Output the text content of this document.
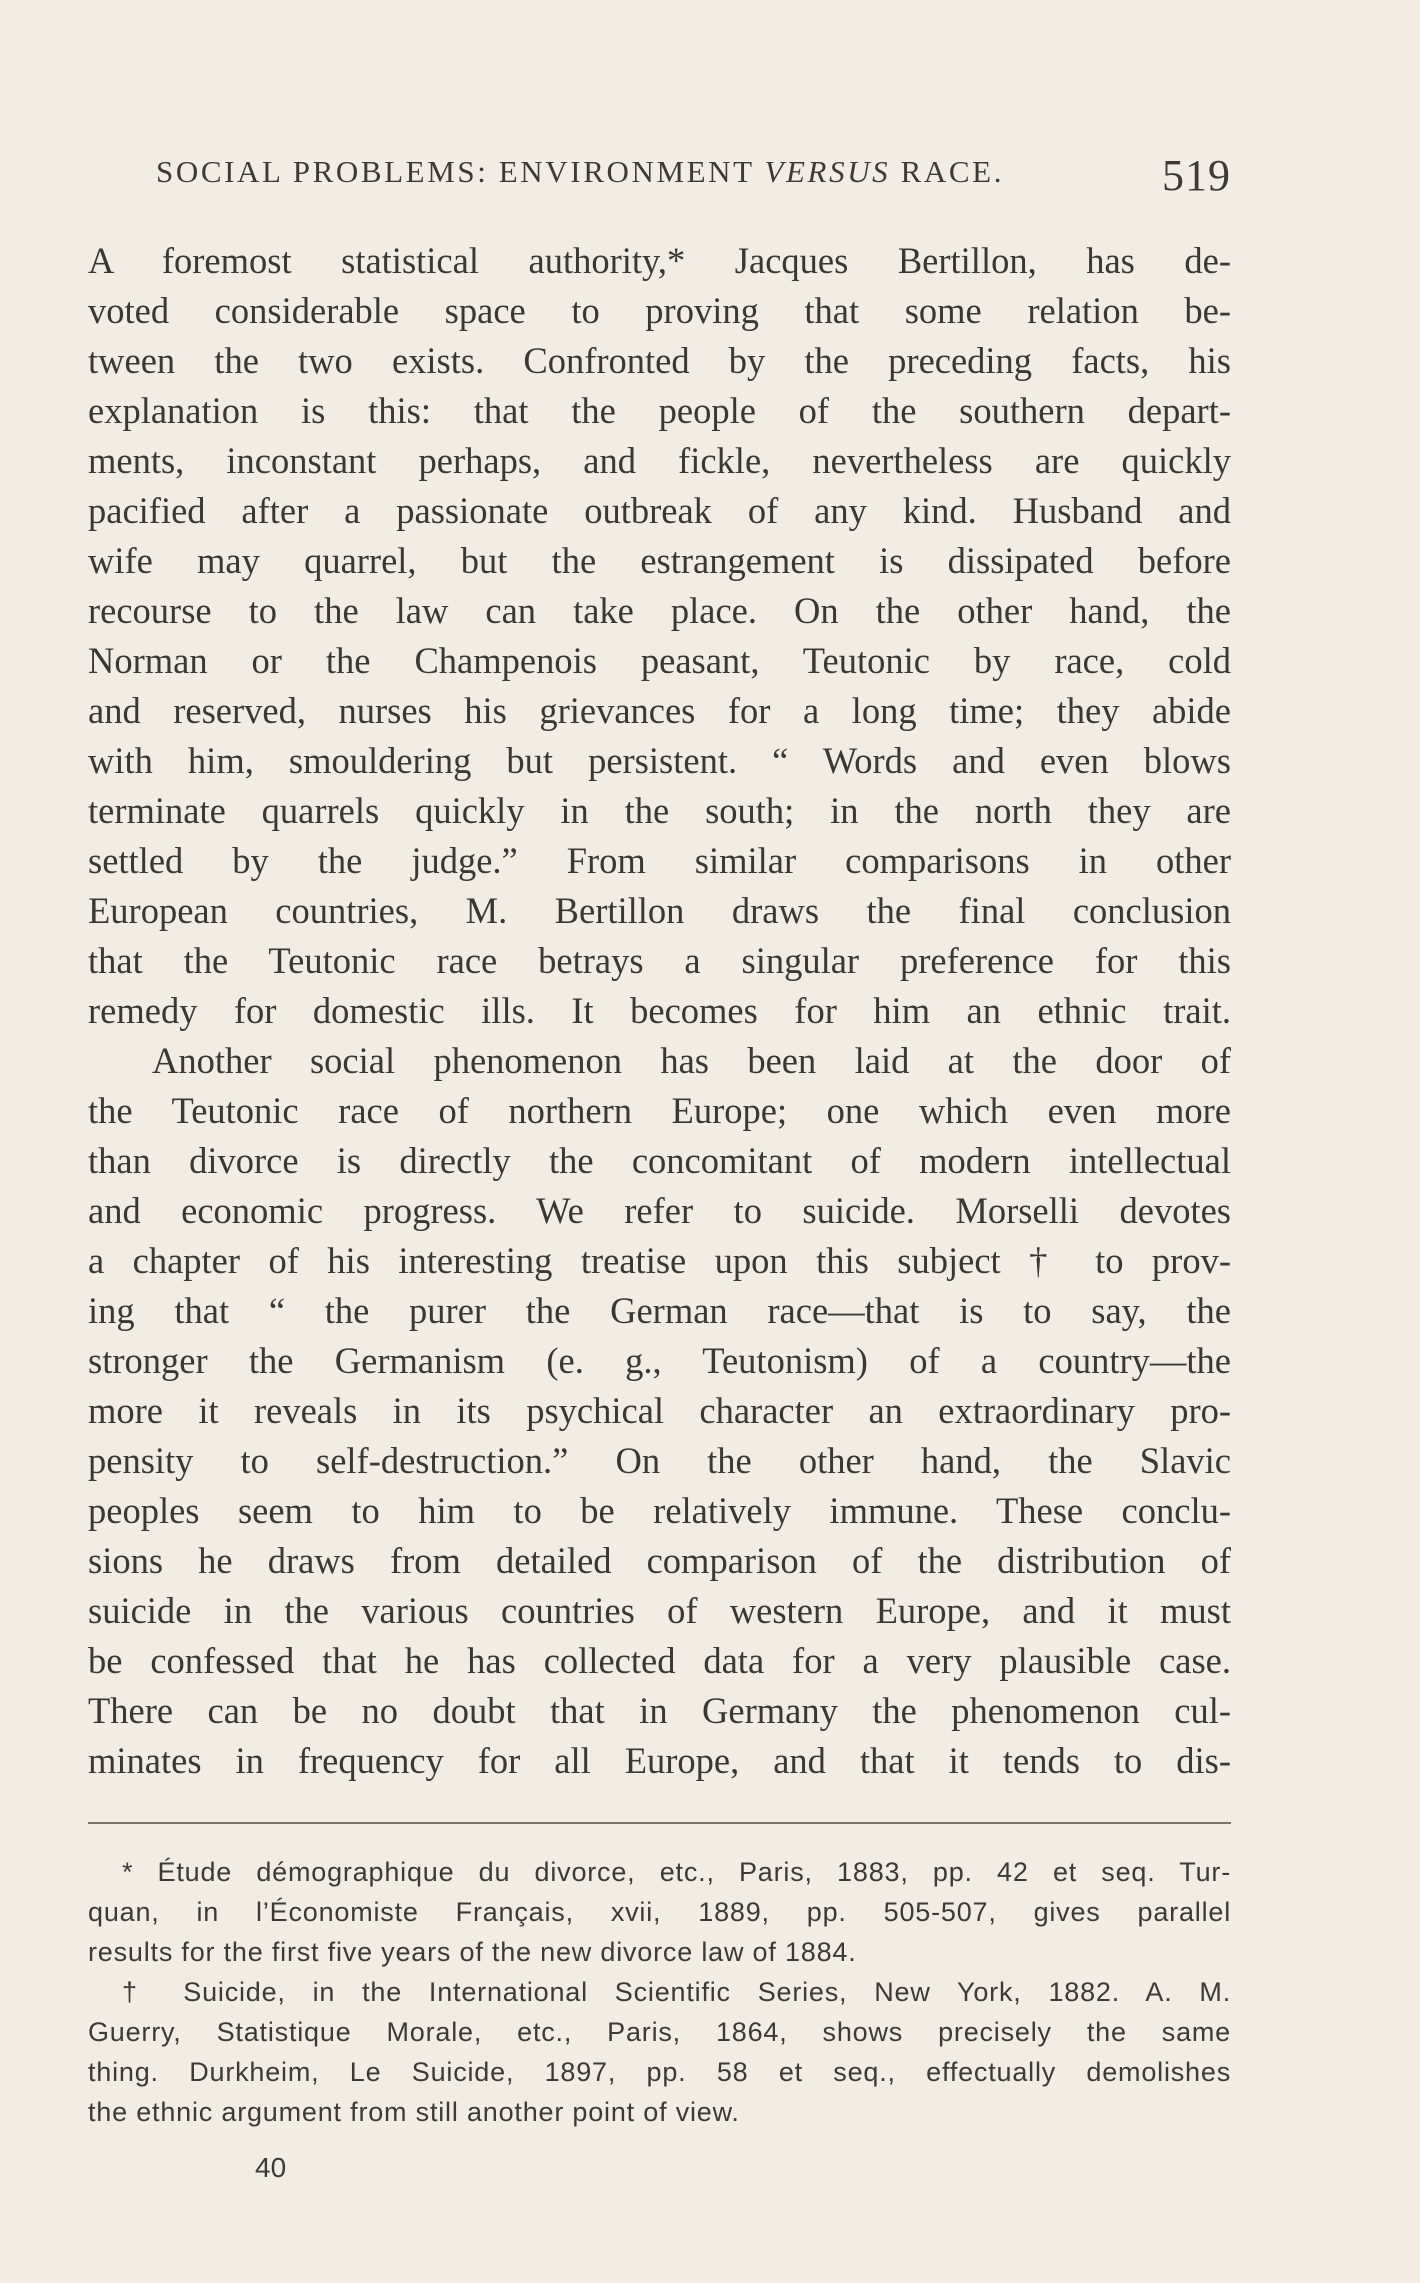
SOCIAL PROBLEMS: ENVIRONMENT VERSUS RACE.	519
A foremost statistical authority,* Jacques Bertillon, has de-
voted considerable space to proving that some relation be-
tween the two exists. Confronted by the preceding facts, his
explanation is this: that the people of the southern depart-
ments, inconstant perhaps, and fickle, nevertheless are quickly
pacified after a passionate outbreak of any kind. Husband and
wife may quarrel, but the estrangement is dissipated before
recourse to the law can take place. On the other hand, the
Norman or the Champenois peasant, Teutonic by race, cold
and reserved, nurses his grievances for a long time; they abide
with him, smouldering but persistent. “ Words and even blows
terminate quarrels quickly in the south; in the north they are
settled by the judge.” From similar comparisons in other
European countries, M. Bertillon draws the final conclusion
that the Teutonic race betrays a singular preference for this
remedy for domestic ills. It becomes for him an ethnic trait.
Another social phenomenon has been laid at the door of
the Teutonic race of northern Europe; one which even more
than divorce is directly the concomitant of modern intellectual
and economic progress. We refer to suicide. Morselli devotes
a chapter of his interesting treatise upon this subject † to prov-
ing that “ the purer the German race—that is to say, the
stronger the Germanism (e. g., Teutonism) of a country—the
more it reveals in its psychical character an extraordinary pro-
pensity to self-destruction.” On the other hand, the Slavic
peoples seem to him to be relatively immune. These conclu-
sions he draws from detailed comparison of the distribution of
suicide in the various countries of western Europe, and it must
be confessed that he has collected data for a very plausible case.
There can be no doubt that in Germany the phenomenon cul-
minates in frequency for all Europe, and that it tends to dis-
* Étude démographique du divorce, etc., Paris, 1883, pp. 42 et seq. Tur-
quan, in l’Économiste Français, xvii, 1889, pp. 505-507, gives parallel
results for the first five years of the new divorce law of 1884.
† Suicide, in the International Scientific Series, New York, 1882. A. M.
Guerry, Statistique Morale, etc., Paris, 1864, shows precisely the same
thing. Durkheim, Le Suicide, 1897, pp. 58 et seq., effectually demolishes
the ethnic argument from still another point of view.
40
